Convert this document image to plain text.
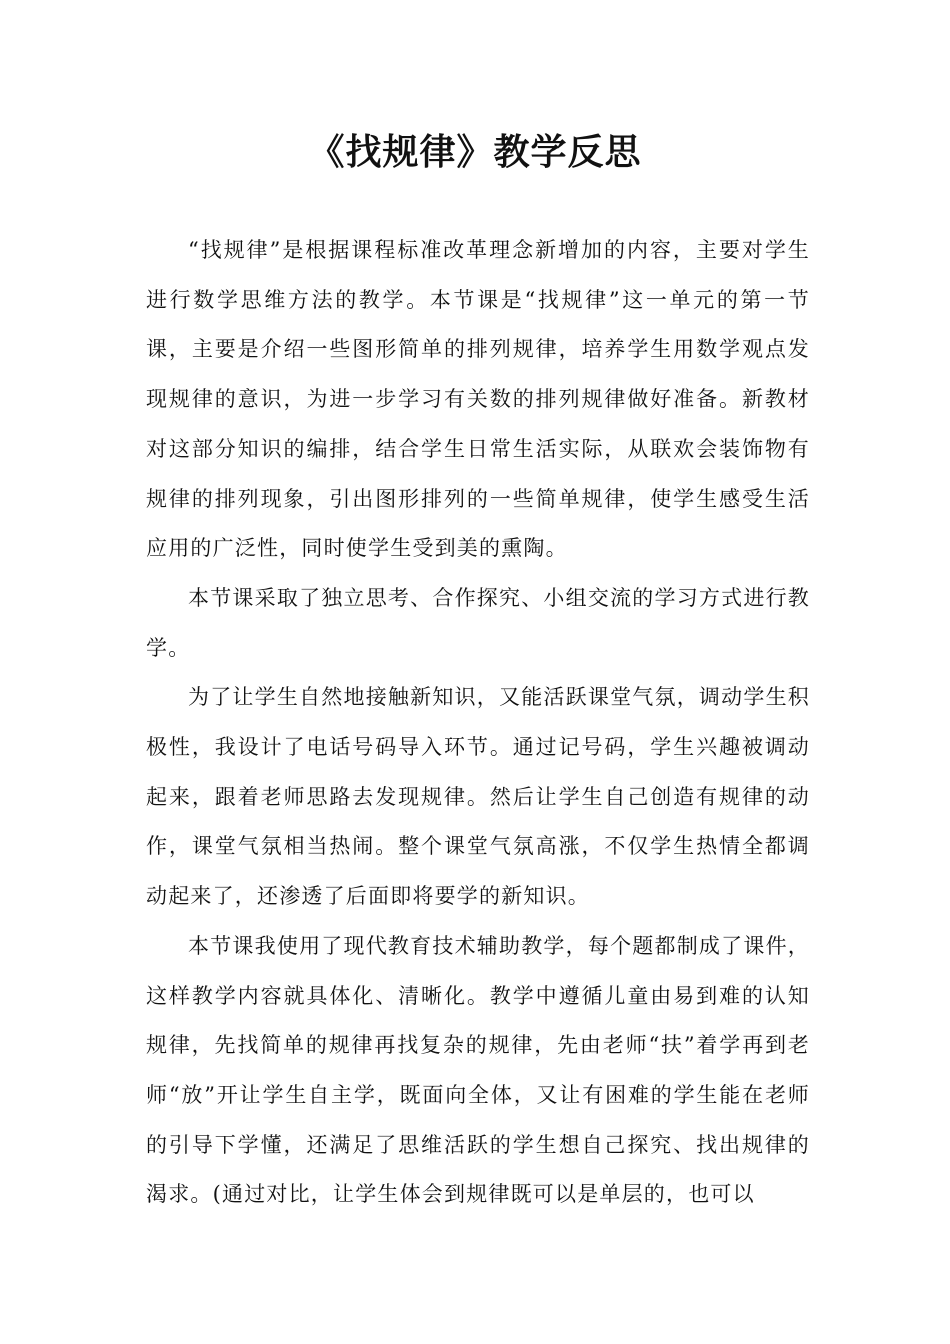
《找规律》教学反思

“找规律”是根据课程标准改革理念新增加的内容，主要对学生进行数学思维方法的教学。本节课是“找规律”这一单元的第一节课，主要是介绍一些图形简单的排列规律，培养学生用数学观点发现规律的意识，为进一步学习有关数的排列规律做好准备。新教材对这部分知识的编排，结合学生日常生活实际，从联欢会装饰物有规律的排列现象，引出图形排列的一些简单规律，使学生感受生活应用的广泛性，同时使学生受到美的熏陶。

本节课采取了独立思考、合作探究、小组交流的学习方式进行教学。

为了让学生自然地接触新知识，又能活跃课堂气氛，调动学生积极性，我设计了电话号码导入环节。通过记号码，学生兴趣被调动起来，跟着老师思路去发现规律。然后让学生自己创造有规律的动作，课堂气氛相当热闹。整个课堂气氛高涨，不仅学生热情全都调动起来了，还渗透了后面即将要学的新知识。

本节课我使用了现代教育技术辅助教学，每个题都制成了课件，这样教学内容就具体化、清晰化。教学中遵循儿童由易到难的认知规律，先找简单的规律再找复杂的规律，先由老师“扶”着学再到老师“放”开让学生自主学，既面向全体，又让有困难的学生能在老师的引导下学懂，还满足了思维活跃的学生想自己探究、找出规律的渴求。(通过对比，让学生体会到规律既可以是单层的，也可以
